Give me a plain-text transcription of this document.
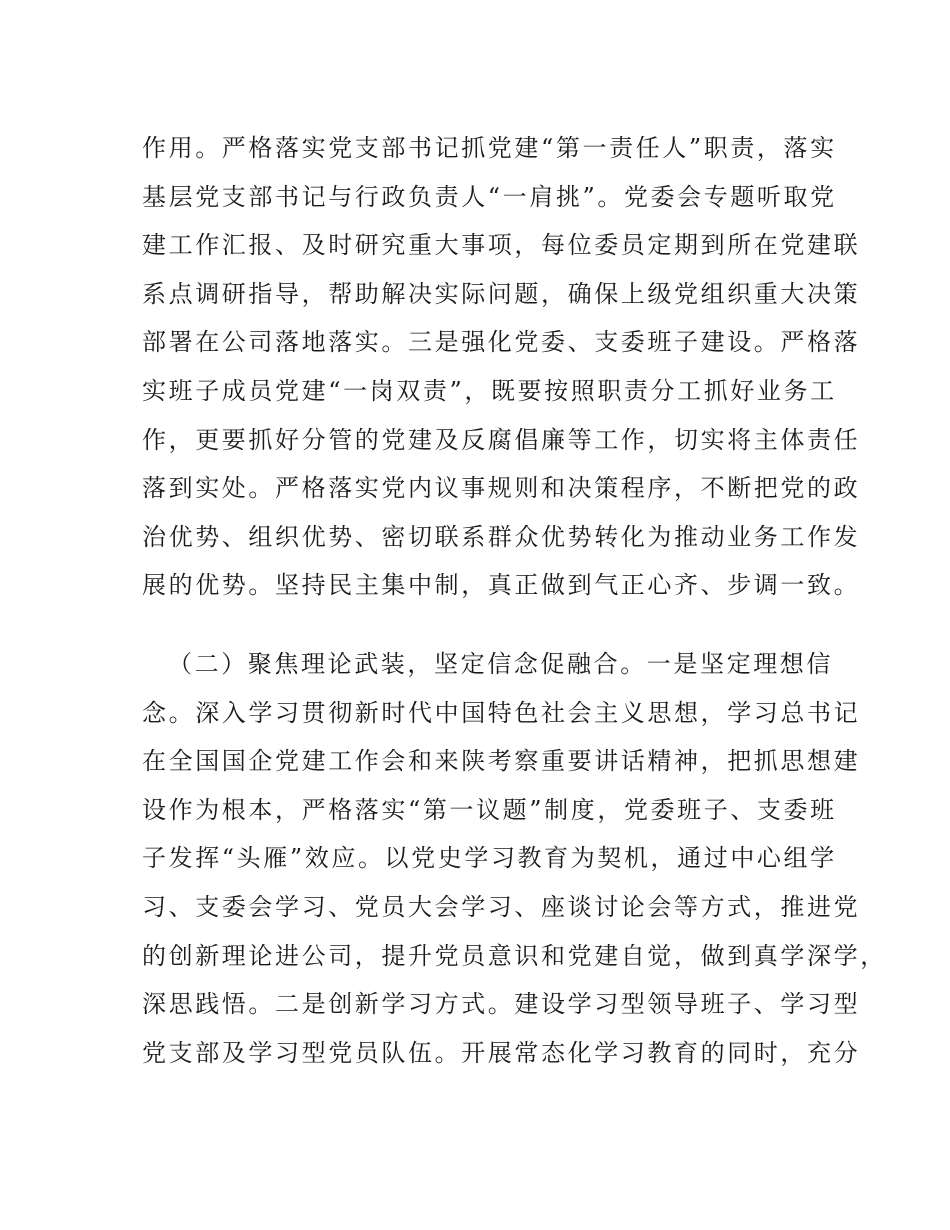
作用。严格落实党支部书记抓党建“第一责任人”职责，落实
基层党支部书记与行政负责人“一肩挑”。党委会专题听取党
建工作汇报、及时研究重大事项，每位委员定期到所在党建联
系点调研指导，帮助解决实际问题，确保上级党组织重大决策
部署在公司落地落实。三是强化党委、支委班子建设。严格落
实班子成员党建“一岗双责”，既要按照职责分工抓好业务工
作，更要抓好分管的党建及反腐倡廉等工作，切实将主体责任
落到实处。严格落实党内议事规则和决策程序，不断把党的政
治优势、组织优势、密切联系群众优势转化为推动业务工作发
展的优势。坚持民主集中制，真正做到气正心齐、步调一致。
（二）聚焦理论武装，坚定信念促融合。一是坚定理想信
念。深入学习贯彻新时代中国特色社会主义思想，学习总书记
在全国国企党建工作会和来陕考察重要讲话精神，把抓思想建
设作为根本，严格落实“第一议题”制度，党委班子、支委班
子发挥“头雁”效应。以党史学习教育为契机，通过中心组学
习、支委会学习、党员大会学习、座谈讨论会等方式，推进党
的创新理论进公司，提升党员意识和党建自觉，做到真学深学，
深思践悟。二是创新学习方式。建设学习型领导班子、学习型
党支部及学习型党员队伍。开展常态化学习教育的同时，充分
